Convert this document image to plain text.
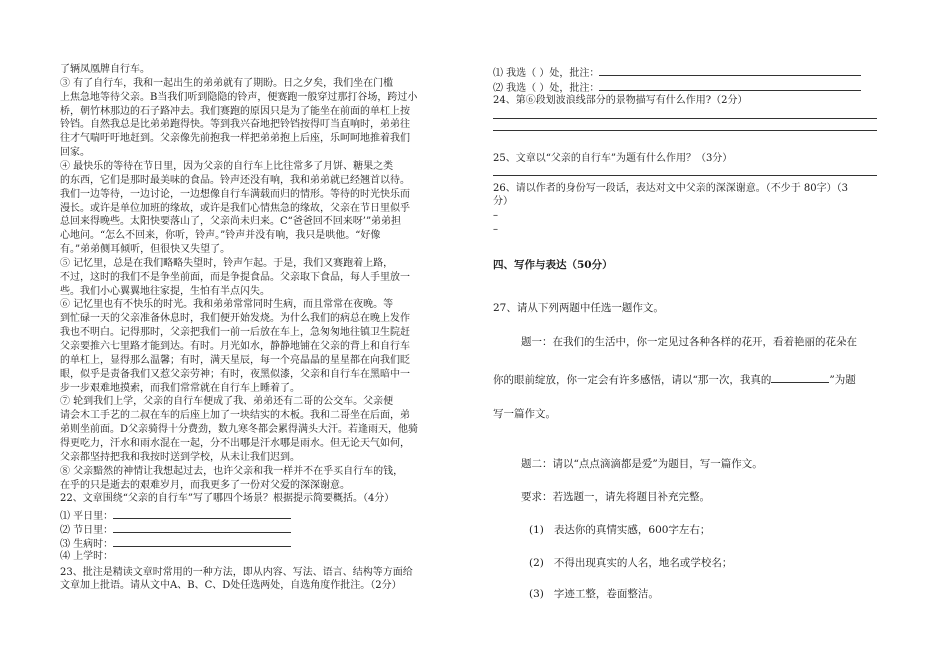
了辆凤凰牌自行车。
③ 有了自行车，我和一起出生的弟弟就有了期盼。日之夕矣，我们坐在门槛
上焦急地等待父亲。B当我们听到隐隐的铃声，便赛跑一般穿过那打谷场，跨过小
桥，朝竹林那边的石子路冲去。我们赛跑的原因只是为了能坐在前面的单杠上按
铃铛。自然我总是比弟弟跑得快。等到我兴奋地把铃铛按得叮当直响时，弟弟往
往才气喘吁吁地赶到。父亲像先前抱我一样把弟弟抱上后座，乐呵呵地推着我们
回家。
④ 最快乐的等待在节日里，因为父亲的自行车上比往常多了月饼、糖果之类
的东西，它们是那时最美味的食品。铃声还没有响，我和弟弟就已经翘首以待。
我们一边等待，一边讨论，一边想像自行车满载而归的情形。等待的时光快乐而
漫长。或许是单位加班的缘故，或许是我们心情焦急的缘故，父亲在节日里似乎
总回来得晚些。太阳快要落山了，父亲尚未归来。C“爸爸回不回来呀’”弟弟担
心地问。“怎么不回来，你听，铃声。”铃声并没有响，我只是哄他。“好像
有。”弟弟侧耳倾听，但很快又失望了。
⑤ 记忆里，总是在我们略略失望时，铃声乍起。于是，我们又赛跑着上路，
不过，这时的我们不是争坐前面，而是争提食品。父亲取下食品，每人手里放一
些。我们小心翼翼地往家提，生怕有半点闪失。
⑥ 记忆里也有不快乐的时光。我和弟弟常常同时生病，而且常常在夜晚。等
到忙碌一天的父亲准备休息时，我们便开始发烧。为什么我们的病总在晚上发作
我也不明白。记得那时，父亲把我们一前一后放在车上，急匆匆地往镇卫生院赶
父亲要推六七里路才能到达。有时。月光如水，静静地铺在父亲的背上和自行车
的单杠上，显得那么温馨；有时，满天星辰，每一个亮晶晶的星星都在向我们眨
眼，似乎是责备我们又惹父亲劳神；有时，夜黑似漆，父亲和自行车在黑暗中一
步一步艰难地摸索，而我们常常就在自行车上睡着了。
⑦ 轮到我们上学，父亲的自行车便成了我、弟弟还有二哥的公交车。父亲便
请会木工手艺的二叔在车的后座上加了一块结实的木板。我和二哥坐在后面，弟
弟则坐前面。D父亲骑得十分费劲，数九寒冬都会累得满头大汗。若逢雨天，他骑
得更吃力，汗水和雨水混在一起，分不出哪是汗水哪是雨水。但无论天气如何，
父亲都坚持把我和我按时送到学校，从未让我们迟到。
⑧ 父亲黯然的神情让我想起过去，也许父亲和我一样并不在乎买自行车的钱，
在乎的只是逝去的艰难岁月，而我更多了一份对父爱的深深谢意。
22、文章围绕“父亲的自行车”写了哪四个场景？根据提示简要概括。（4分）
⑴ 平日里：
⑵ 节日里：
⑶ 生病时：
⑷ 上学时：
23、批注是精读文章时常用的一种方法，即从内容、写法、语言、结构等方面给
文章加上批语。请从文中A、B、C、D处任选两处，自选角度作批注。（2分）
⑴ 我选（ ）处，批注：
⑵ 我选（ ）处，批注：
24、第⑥段划波浪线部分的景物描写有什么作用?（2分）
25、文章以“父亲的自行车”为题有什么作用？（3分）
26、请以作者的身份写一段话，表达对文中父亲的深深谢意。（不少于 80字）（3
分）
–
–
四、写作与表达（50分）
27、请从下列两题中任选一题作文。
题一：在我们的生活中，你一定见过各种各样的花开，看着艳丽的花朵在
你的眼前绽放，你一定会有许多感悟，请以“那一次，我真的	”为题
写一篇作文。
题二：请以“点点滴滴都是爱”为题目，写一篇作文。
要求：若选题一，请先将题目补充完整。
(1) 表达你的真情实感，600字左右；
(2) 不得出现真实的人名，地名或学校名；
(3) 字迹工整，卷面整洁。
